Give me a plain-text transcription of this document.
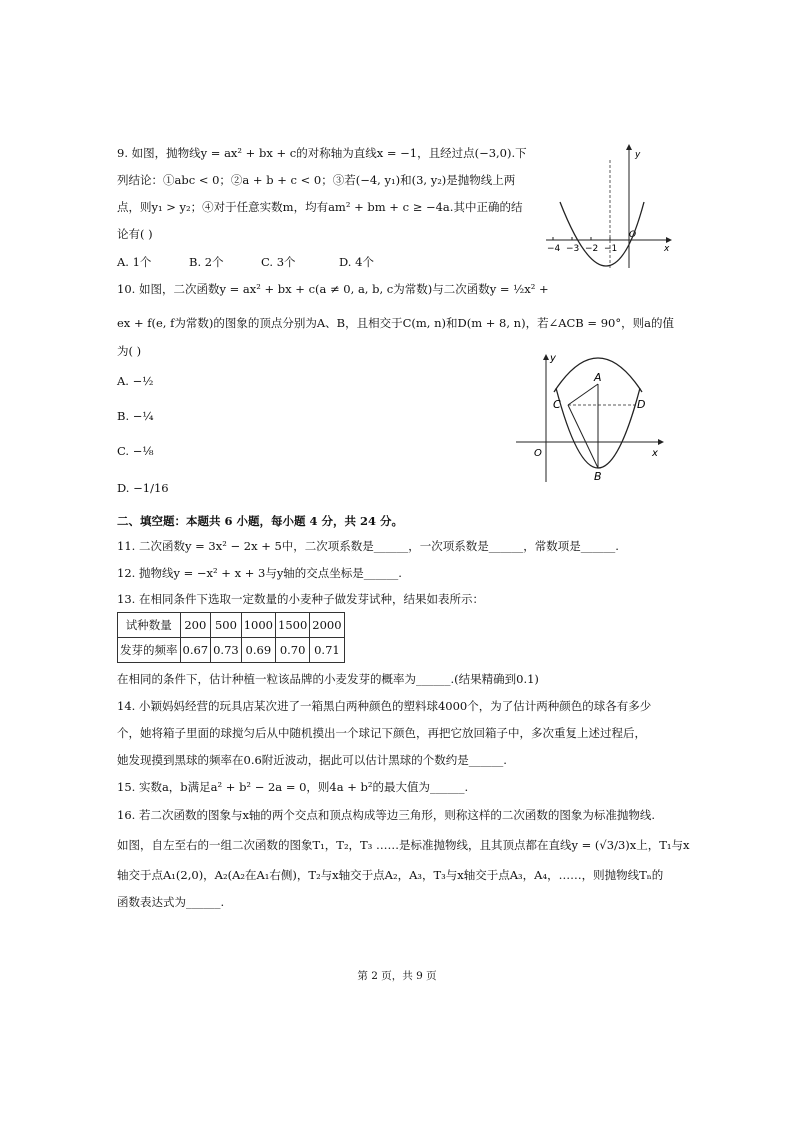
9. 如图，抛物线y = ax² + bx + c的对称轴为直线x = −1，且经过点(−3,0).下
列结论：①abc < 0；②a + b + c < 0；③若(−4, y₁)和(3, y₂)是抛物线上两
点，则y₁ > y₂；④对于任意实数m，均有am² + bm + c ≥ −4a.其中正确的结
论有( )
A. 1个	B. 2个	C. 3个	D. 4个
y
x
O
−4 −3 −2 −1
10. 如图，二次函数y = ax² + bx + c(a ≠ 0, a, b, c为常数)与二次函数y = ½x² +
ex + f(e, f为常数)的图象的顶点分别为A、B，且相交于C(m, n)和D(m + 8, n)，若∠ACB = 90°，则a的值
为( )
A. −½
B. −¼
C. −⅛
D. −1/16
y
x
O
A
B
C	D
二、填空题：本题共 6 小题，每小题 4 分，共 24 分。
11. 二次函数y = 3x² − 2x + 5中，二次项系数是______，一次项系数是______，常数项是______.
12. 抛物线y = −x² + x + 3与y轴的交点坐标是______.
13. 在相同条件下选取一定数量的小麦种子做发芽试种，结果如表所示：
试种数量	200	500	1000	1500	2000
发芽的频率	0.67	0.73	0.69	0.70	0.71
在相同的条件下，估计种植一粒该品牌的小麦发芽的概率为______.(结果精确到0.1)
14. 小颖妈妈经营的玩具店某次进了一箱黑白两种颜色的塑料球4000个，为了估计两种颜色的球各有多少
个，她将箱子里面的球搅匀后从中随机摸出一个球记下颜色，再把它放回箱子中，多次重复上述过程后，
她发现摸到黑球的频率在0.6附近波动，据此可以估计黑球的个数约是______.
15. 实数a，b满足a² + b² − 2a = 0，则4a + b²的最大值为______.
16. 若二次函数的图象与x轴的两个交点和顶点构成等边三角形，则称这样的二次函数的图象为标准抛物线.
如图，自左至右的一组二次函数的图象T₁，T₂，T₃ ……是标准抛物线，且其顶点都在直线y = (√3/3)x上，T₁与x
轴交于点A₁(2,0)，A₂(A₂在A₁右侧)，T₂与x轴交于点A₂，A₃，T₃与x轴交于点A₃，A₄，……，则抛物线Tₙ的
函数表达式为______.
第 2 页，共 9 页
